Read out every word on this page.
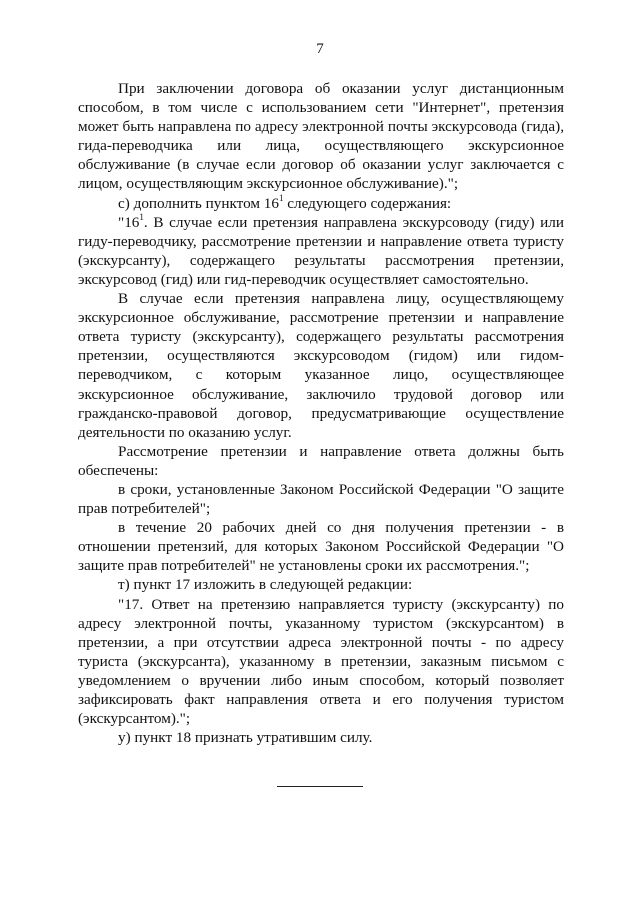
7

При заключении договора об оказании услуг дистанционным способом, в том числе с использованием сети "Интернет", претензия может быть направлена по адресу электронной почты экскурсовода (гида), гида-переводчика или лица, осуществляющего экскурсионное обслуживание (в случае если договор об оказании услуг заключается с лицом, осуществляющим экскурсионное обслуживание).";

с) дополнить пунктом $16^1$ следующего содержания:

"$16^1$. В случае если претензия направлена экскурсоводу (гиду) или гиду-переводчику, рассмотрение претензии и направление ответа туристу (экскурсанту), содержащего результаты рассмотрения претензии, экскурсовод (гид) или гид-переводчик осуществляет самостоятельно.

В случае если претензия направлена лицу, осуществляющему экскурсионное обслуживание, рассмотрение претензии и направление ответа туристу (экскурсанту), содержащего результаты рассмотрения претензии, осуществляются экскурсоводом (гидом) или гидом-переводчиком, с которым указанное лицо, осуществляющее экскурсионное обслуживание, заключило трудовой договор или гражданско-правовой договор, предусматривающие осуществление деятельности по оказанию услуг.

Рассмотрение претензии и направление ответа должны быть обеспечены:

в сроки, установленные Законом Российской Федерации "О защите прав потребителей";

в течение 20 рабочих дней со дня получения претензии - в отношении претензий, для которых Законом Российской Федерации "О защите прав потребителей" не установлены сроки их рассмотрения.";

т) пункт 17 изложить в следующей редакции:

"17. Ответ на претензию направляется туристу (экскурсанту) по адресу электронной почты, указанному туристом (экскурсантом) в претензии, а при отсутствии адреса электронной почты - по адресу туриста (экскурсанта), указанному в претензии, заказным письмом с уведомлением о вручении либо иным способом, который позволяет зафиксировать факт направления ответа и его получения туристом (экскурсантом).";

у) пункт 18 признать утратившим силу.
